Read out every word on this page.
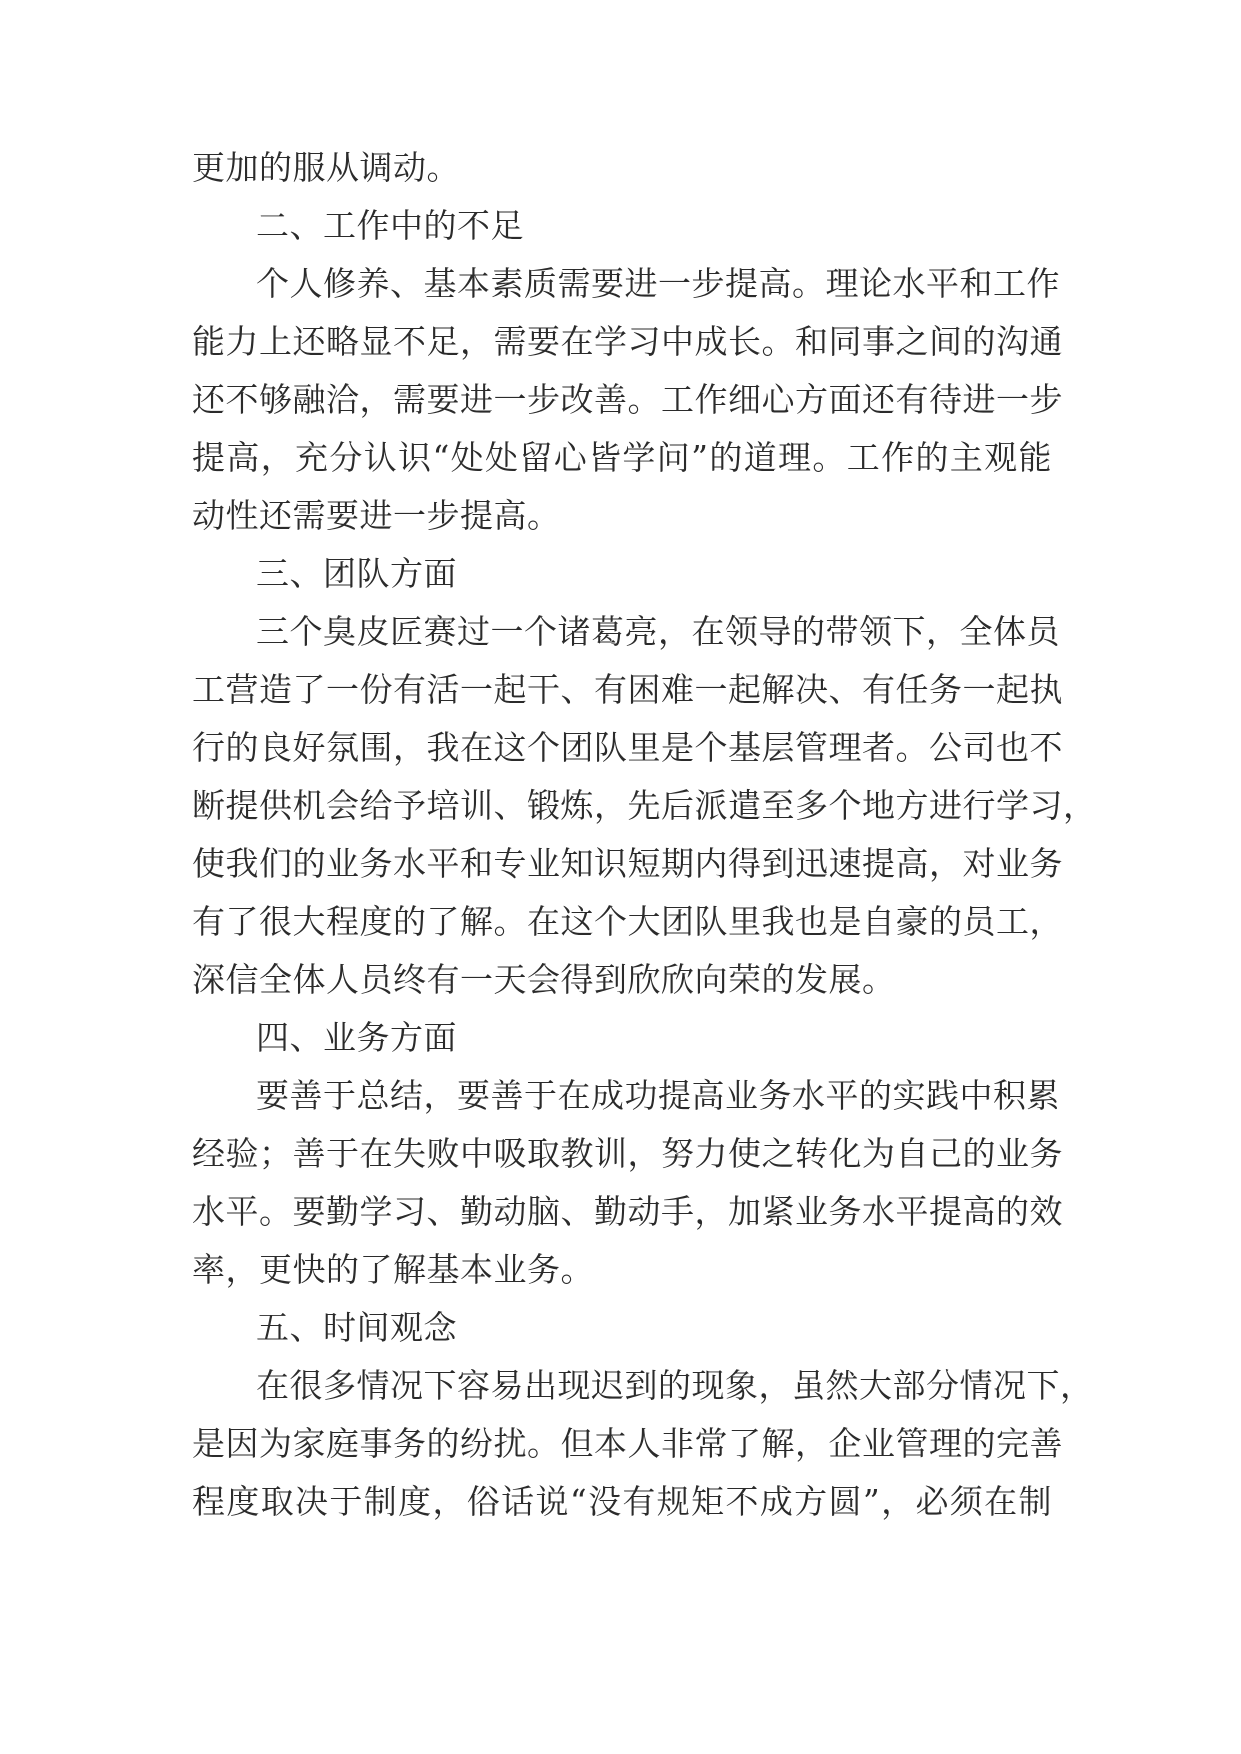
更加的服从调动。

二、工作中的不足

个人修养、基本素质需要进一步提高。理论水平和工作

能力上还略显不足，需要在学习中成长。和同事之间的沟通

还不够融洽，需要进一步改善。工作细心方面还有待进一步

提高，充分认识“处处留心皆学问”的道理。工作的主观能

动性还需要进一步提高。

三、团队方面

三个臭皮匠赛过一个诸葛亮，在领导的带领下，全体员

工营造了一份有活一起干、有困难一起解决、有任务一起执

行的良好氛围，我在这个团队里是个基层管理者。公司也不

断提供机会给予培训、锻炼，先后派遣至多个地方进行学习，

使我们的业务水平和专业知识短期内得到迅速提高，对业务

有了很大程度的了解。在这个大团队里我也是自豪的员工，

深信全体人员终有一天会得到欣欣向荣的发展。

四、业务方面

要善于总结，要善于在成功提高业务水平的实践中积累

经验；善于在失败中吸取教训，努力使之转化为自己的业务

水平。要勤学习、勤动脑、勤动手，加紧业务水平提高的效

率，更快的了解基本业务。

五、时间观念

在很多情况下容易出现迟到的现象，虽然大部分情况下，

是因为家庭事务的纷扰。但本人非常了解，企业管理的完善

程度取决于制度，俗话说“没有规矩不成方圆”，必须在制
